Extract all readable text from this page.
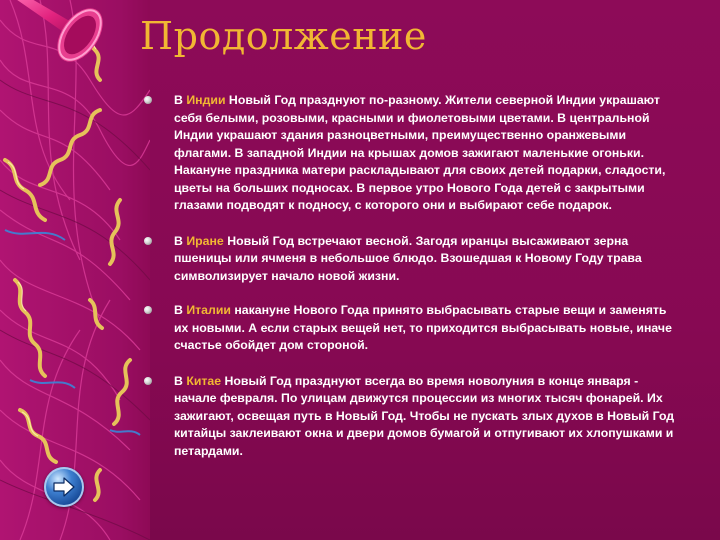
Продолжение
В Индии Новый Год празднуют по-разному. Жители северной Индии украшают себя белыми, розовыми, красными и фиолетовыми цветами. В центральной Индии украшают здания разноцветными, преимущественно оранжевыми флагами. В западной Индии на крышах домов зажигают маленькие огоньки. Накануне праздника матери раскладывают для своих детей подарки, сладости, цветы на больших подносах. В первое утро Нового Года детей с закрытыми глазами подводят к подносу, с которого они и выбирают себе подарок.
В Иране Новый Год встречают весной. Загодя иранцы высаживают зерна пшеницы или ячменя в небольшое блюдо. Взошедшая к Новому Году трава символизирует начало новой жизни.
В Италии накануне Нового Года принято выбрасывать старые вещи и заменять их новыми. А если старых вещей нет, то приходится выбрасывать новые, иначе счастье обойдет дом стороной.
В Китае Новый Год празднуют всегда во время новолуния в конце января - начале февраля. По улицам движутся процессии из многих тысяч фонарей. Их зажигают, освещая путь в Новый Год. Чтобы не пускать злых духов в Новый Год китайцы заклеивают окна и двери домов бумагой и отпугивают их хлопушками и петардами.
